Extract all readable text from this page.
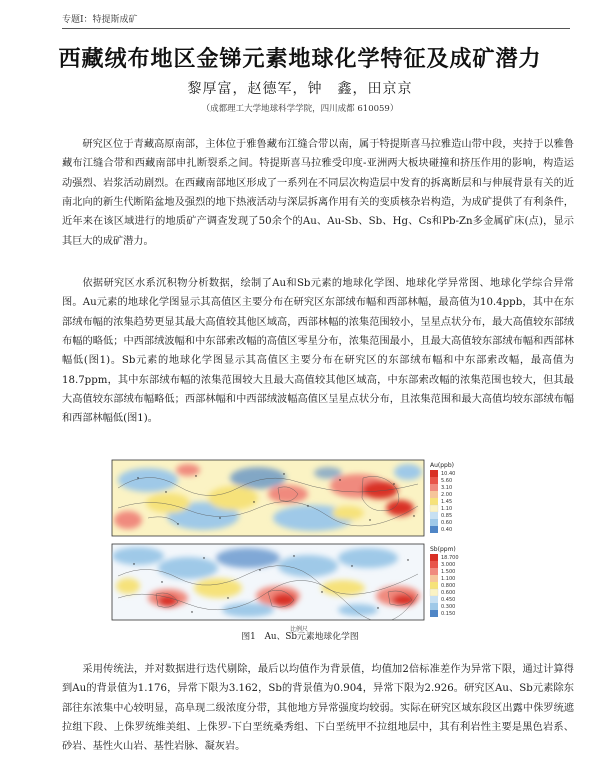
专题Ⅰ：特提斯成矿
西藏绒布地区金锑元素地球化学特征及成矿潜力
黎厚富，赵德军，钟　鑫，田京京
（成都理工大学地球科学学院，四川成都 610059）

研究区位于青藏高原南部，主体位于雅鲁藏布江缝合带以南，属于特提斯喜马拉雅造山带中段，夹持于以雅鲁藏布江缝合带和西藏南部申扎断裂系之间。特提斯喜马拉雅受印度-亚洲两大板块碰撞和挤压作用的影响，构造运动强烈、岩浆活动剧烈。在西藏南部地区形成了一系列在不同层次构造层中发育的拆离断层和与伸展背景有关的近南北向的新生代断陷盆地及强烈的地下热液活动与深层拆离作用有关的变质核杂岩构造，为成矿提供了有利条件，近年来在该区域进行的地质矿产调查发现了50余个的Au、Au-Sb、Sb、Hg、Cs和Pb-Zn多金属矿床(点)，显示其巨大的成矿潜力。

依据研究区水系沉积物分析数据，绘制了Au和Sb元素的地球化学图、地球化学异常图、地球化学综合异常图。Au元素的地球化学图显示其高值区主要分布在研究区东部绒布幅和西部林幅，最高值为10.4ppb，其中在东部绒布幅的浓集趋势更显其最大高值较其他区域高，西部林幅的浓集范围较小，呈星点状分布，最大高值较东部绒布幅的略低；中西部绒波幅和中东部索改幅的高值区零星分布，浓集范围最小，且最大高值较东部绒布幅和西部林幅低(图1)。Sb元素的地球化学图显示其高值区主要分布在研究区的东部绒布幅和中东部索改幅，最高值为18.7ppm，其中东部绒布幅的浓集范围较大且最大高值较其他区域高，中东部索改幅的浓集范围也较大，但其最大高值较东部绒布幅略低；西部林幅和中西部绒波幅高值区呈星点状分布，且浓集范围和最大高值均较东部绒布幅和西部林幅低(图1)。

Au(ppb)
10.40
5.60
3.10
2.00
1.45
1.10
0.85
0.60
0.40
Sb(ppm)
18.700
3.000
1.500
1.100
0.800
0.600
0.450
0.300
0.150
比例尺
图1　Au、Sb元素地球化学图

采用传统法，并对数据进行迭代剔除，最后以均值作为背景值，均值加2倍标准差作为异常下限，通过计算得到Au的背景值为1.176，异常下限为3.162，Sb的背景值为0.904，异常下限为2.926。研究区Au、Sb元素除东部往东浓集中心较明显，高阜现二级浓度分带，其他地方异常强度均较弱。实际在研究区域东段区出露中侏罗统遮拉组下段、上侏罗统维美组、上侏罗-下白垩统桑秀组、下白垩统甲不拉组地层中，其有利岩性主要是黑色岩系、砂岩、基性火山岩、基性岩脉、凝灰岩。
